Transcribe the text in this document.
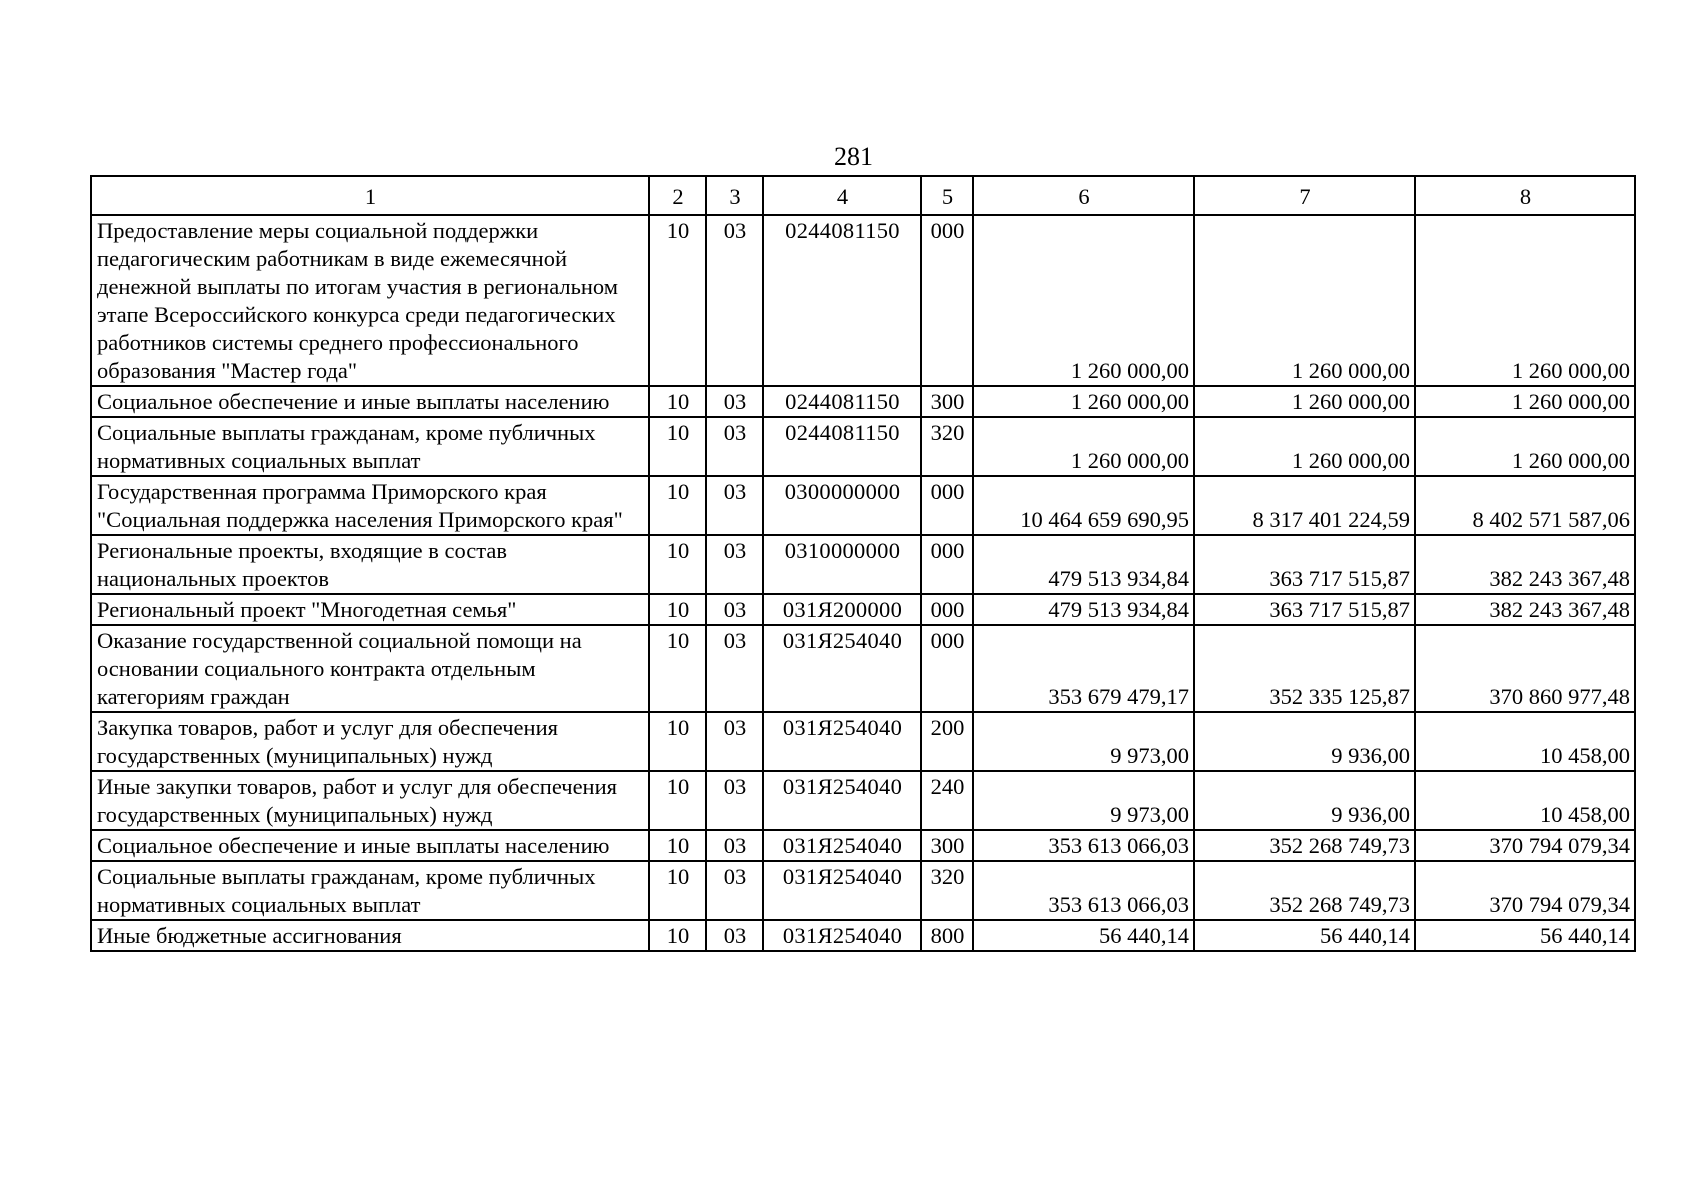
281
1	2	3	4	5	6	7	8
Предоставление меры социальной поддержки педагогическим работникам в виде ежемесячной денежной выплаты по итогам участия в региональном этапе Всероссийского конкурса среди педагогических работников системы среднего профессионального образования "Мастер года"	10	03	0244081150	000	1 260 000,00	1 260 000,00	1 260 000,00
Социальное обеспечение и иные выплаты населению	10	03	0244081150	300	1 260 000,00	1 260 000,00	1 260 000,00
Социальные выплаты гражданам, кроме публичных нормативных социальных выплат	10	03	0244081150	320	1 260 000,00	1 260 000,00	1 260 000,00
Государственная программа Приморского края "Социальная поддержка населения Приморского края"	10	03	0300000000	000	10 464 659 690,95	8 317 401 224,59	8 402 571 587,06
Региональные проекты, входящие в состав национальных проектов	10	03	0310000000	000	479 513 934,84	363 717 515,87	382 243 367,48
Региональный проект "Многодетная семья"	10	03	031Я200000	000	479 513 934,84	363 717 515,87	382 243 367,48
Оказание государственной социальной помощи на основании социального контракта отдельным категориям граждан	10	03	031Я254040	000	353 679 479,17	352 335 125,87	370 860 977,48
Закупка товаров, работ и услуг для обеспечения государственных (муниципальных) нужд	10	03	031Я254040	200	9 973,00	9 936,00	10 458,00
Иные закупки товаров, работ и услуг для обеспечения государственных (муниципальных) нужд	10	03	031Я254040	240	9 973,00	9 936,00	10 458,00
Социальное обеспечение и иные выплаты населению	10	03	031Я254040	300	353 613 066,03	352 268 749,73	370 794 079,34
Социальные выплаты гражданам, кроме публичных нормативных социальных выплат	10	03	031Я254040	320	353 613 066,03	352 268 749,73	370 794 079,34
Иные бюджетные ассигнования	10	03	031Я254040	800	56 440,14	56 440,14	56 440,14
